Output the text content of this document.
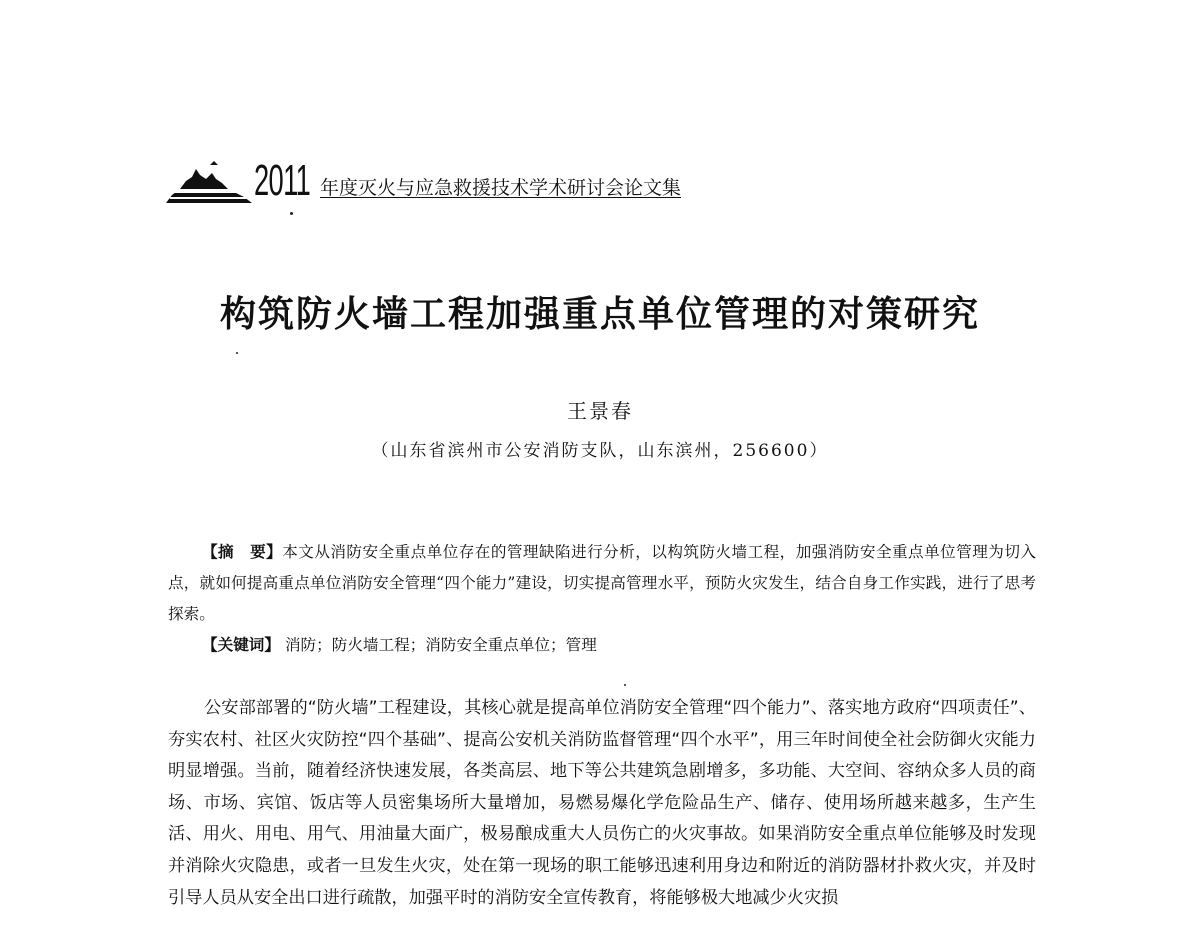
2011 年度灭火与应急救援技术学术研讨会论文集
构筑防火墙工程加强重点单位管理的对策研究
王景春
（山东省滨州市公安消防支队，山东滨州，256600）

【摘　要】本文从消防安全重点单位存在的管理缺陷进行分析，以构筑防火墙工程，加强消防安全重点单位管理为切入点，就如何提高重点单位消防安全管理“四个能力”建设，切实提高管理水平，预防火灾发生，结合自身工作实践，进行了思考探索。

【关键词】 消防；防火墙工程；消防安全重点单位；管理

公安部部署的“防火墙”工程建设，其核心就是提高单位消防安全管理“四个能力”、落实地方政府“四项责任”、夯实农村、社区火灾防控“四个基础”、提高公安机关消防监督管理“四个水平”，用三年时间使全社会防御火灾能力明显增强。当前，随着经济快速发展，各类高层、地下等公共建筑急剧增多，多功能、大空间、容纳众多人员的商场、市场、宾馆、饭店等人员密集场所大量增加，易燃易爆化学危险品生产、储存、使用场所越来越多，生产生活、用火、用电、用气、用油量大面广，极易酿成重大人员伤亡的火灾事故。如果消防安全重点单位能够及时发现并消除火灾隐患，或者一旦发生火灾，处在第一现场的职工能够迅速利用身边和附近的消防器材扑救火灾，并及时引导人员从安全出口进行疏散，加强平时的消防安全宣传教育，将能够极大地减少火灾损
